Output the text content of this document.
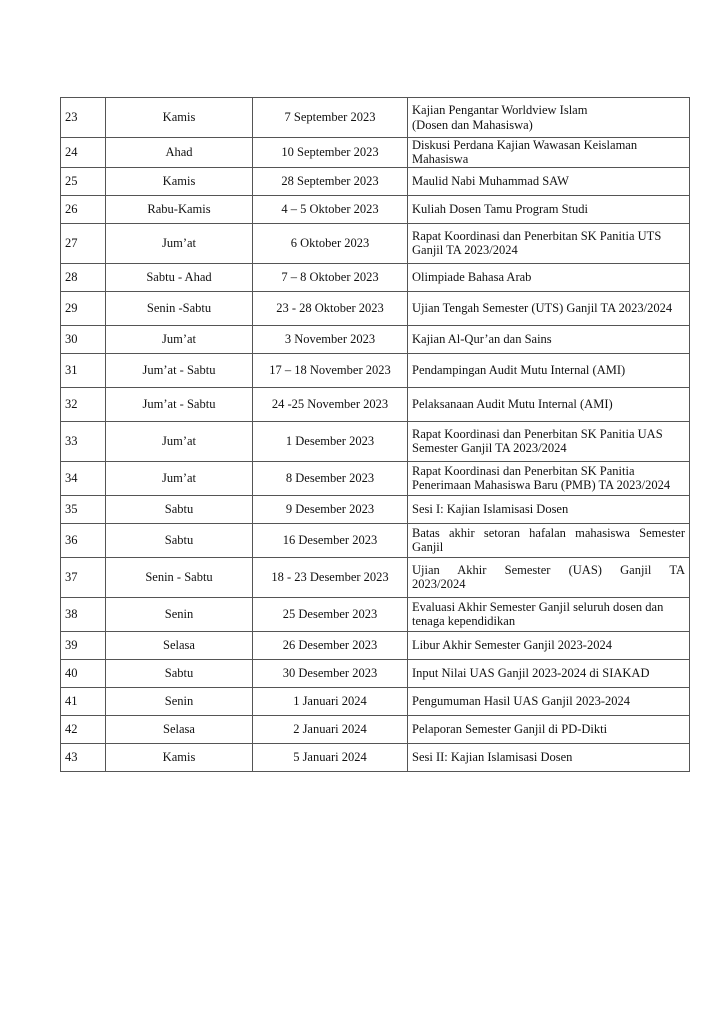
23	Kamis	7 September 2023	Kajian Pengantar Worldview Islam
(Dosen dan Mahasiswa)

24	Ahad	10 September 2023	Diskusi Perdana Kajian Wawasan Keislaman
Mahasiswa

25	Kamis	28 September 2023	Maulid Nabi Muhammad SAW

26	Rabu-Kamis	4 – 5 Oktober 2023	Kuliah Dosen Tamu Program Studi

27	Jum’at	6 Oktober 2023	Rapat Koordinasi dan Penerbitan SK Panitia UTS
Ganjil TA 2023/2024

28	Sabtu - Ahad	7 – 8 Oktober 2023	Olimpiade Bahasa Arab

29	Senin -Sabtu	23 - 28 Oktober 2023	Ujian Tengah Semester (UTS) Ganjil TA 2023/2024

30	Jum’at	3 November 2023	Kajian Al-Qur’an dan Sains

31	Jum’at - Sabtu	17 – 18 November 2023	Pendampingan Audit Mutu Internal (AMI)

32	Jum’at - Sabtu	24 -25 November 2023	Pelaksanaan Audit Mutu Internal (AMI)

33	Jum’at	1 Desember 2023	Rapat Koordinasi dan Penerbitan SK Panitia UAS
Semester Ganjil TA 2023/2024

34	Jum’at	8 Desember 2023	Rapat Koordinasi dan Penerbitan SK Panitia
Penerimaan Mahasiswa Baru (PMB) TA 2023/2024

35	Sabtu	9 Desember 2023	Sesi I: Kajian Islamisasi Dosen

36	Sabtu	16 Desember 2023	Batas akhir setoran hafalan mahasiswa Semester
Ganjil

37	Senin - Sabtu	18 - 23 Desember 2023	Ujian Akhir Semester (UAS) Ganjil TA
2023/2024

38	Senin	25 Desember 2023	Evaluasi Akhir Semester Ganjil seluruh dosen dan
tenaga kependidikan

39	Selasa	26 Desember 2023	Libur Akhir Semester Ganjil 2023-2024

40	Sabtu	30 Desember 2023	Input Nilai UAS Ganjil 2023-2024 di SIAKAD

41	Senin	1 Januari 2024	Pengumuman Hasil UAS Ganjil 2023-2024

42	Selasa	2 Januari 2024	Pelaporan Semester Ganjil di PD-Dikti

43	Kamis	5 Januari 2024	Sesi II: Kajian Islamisasi Dosen
